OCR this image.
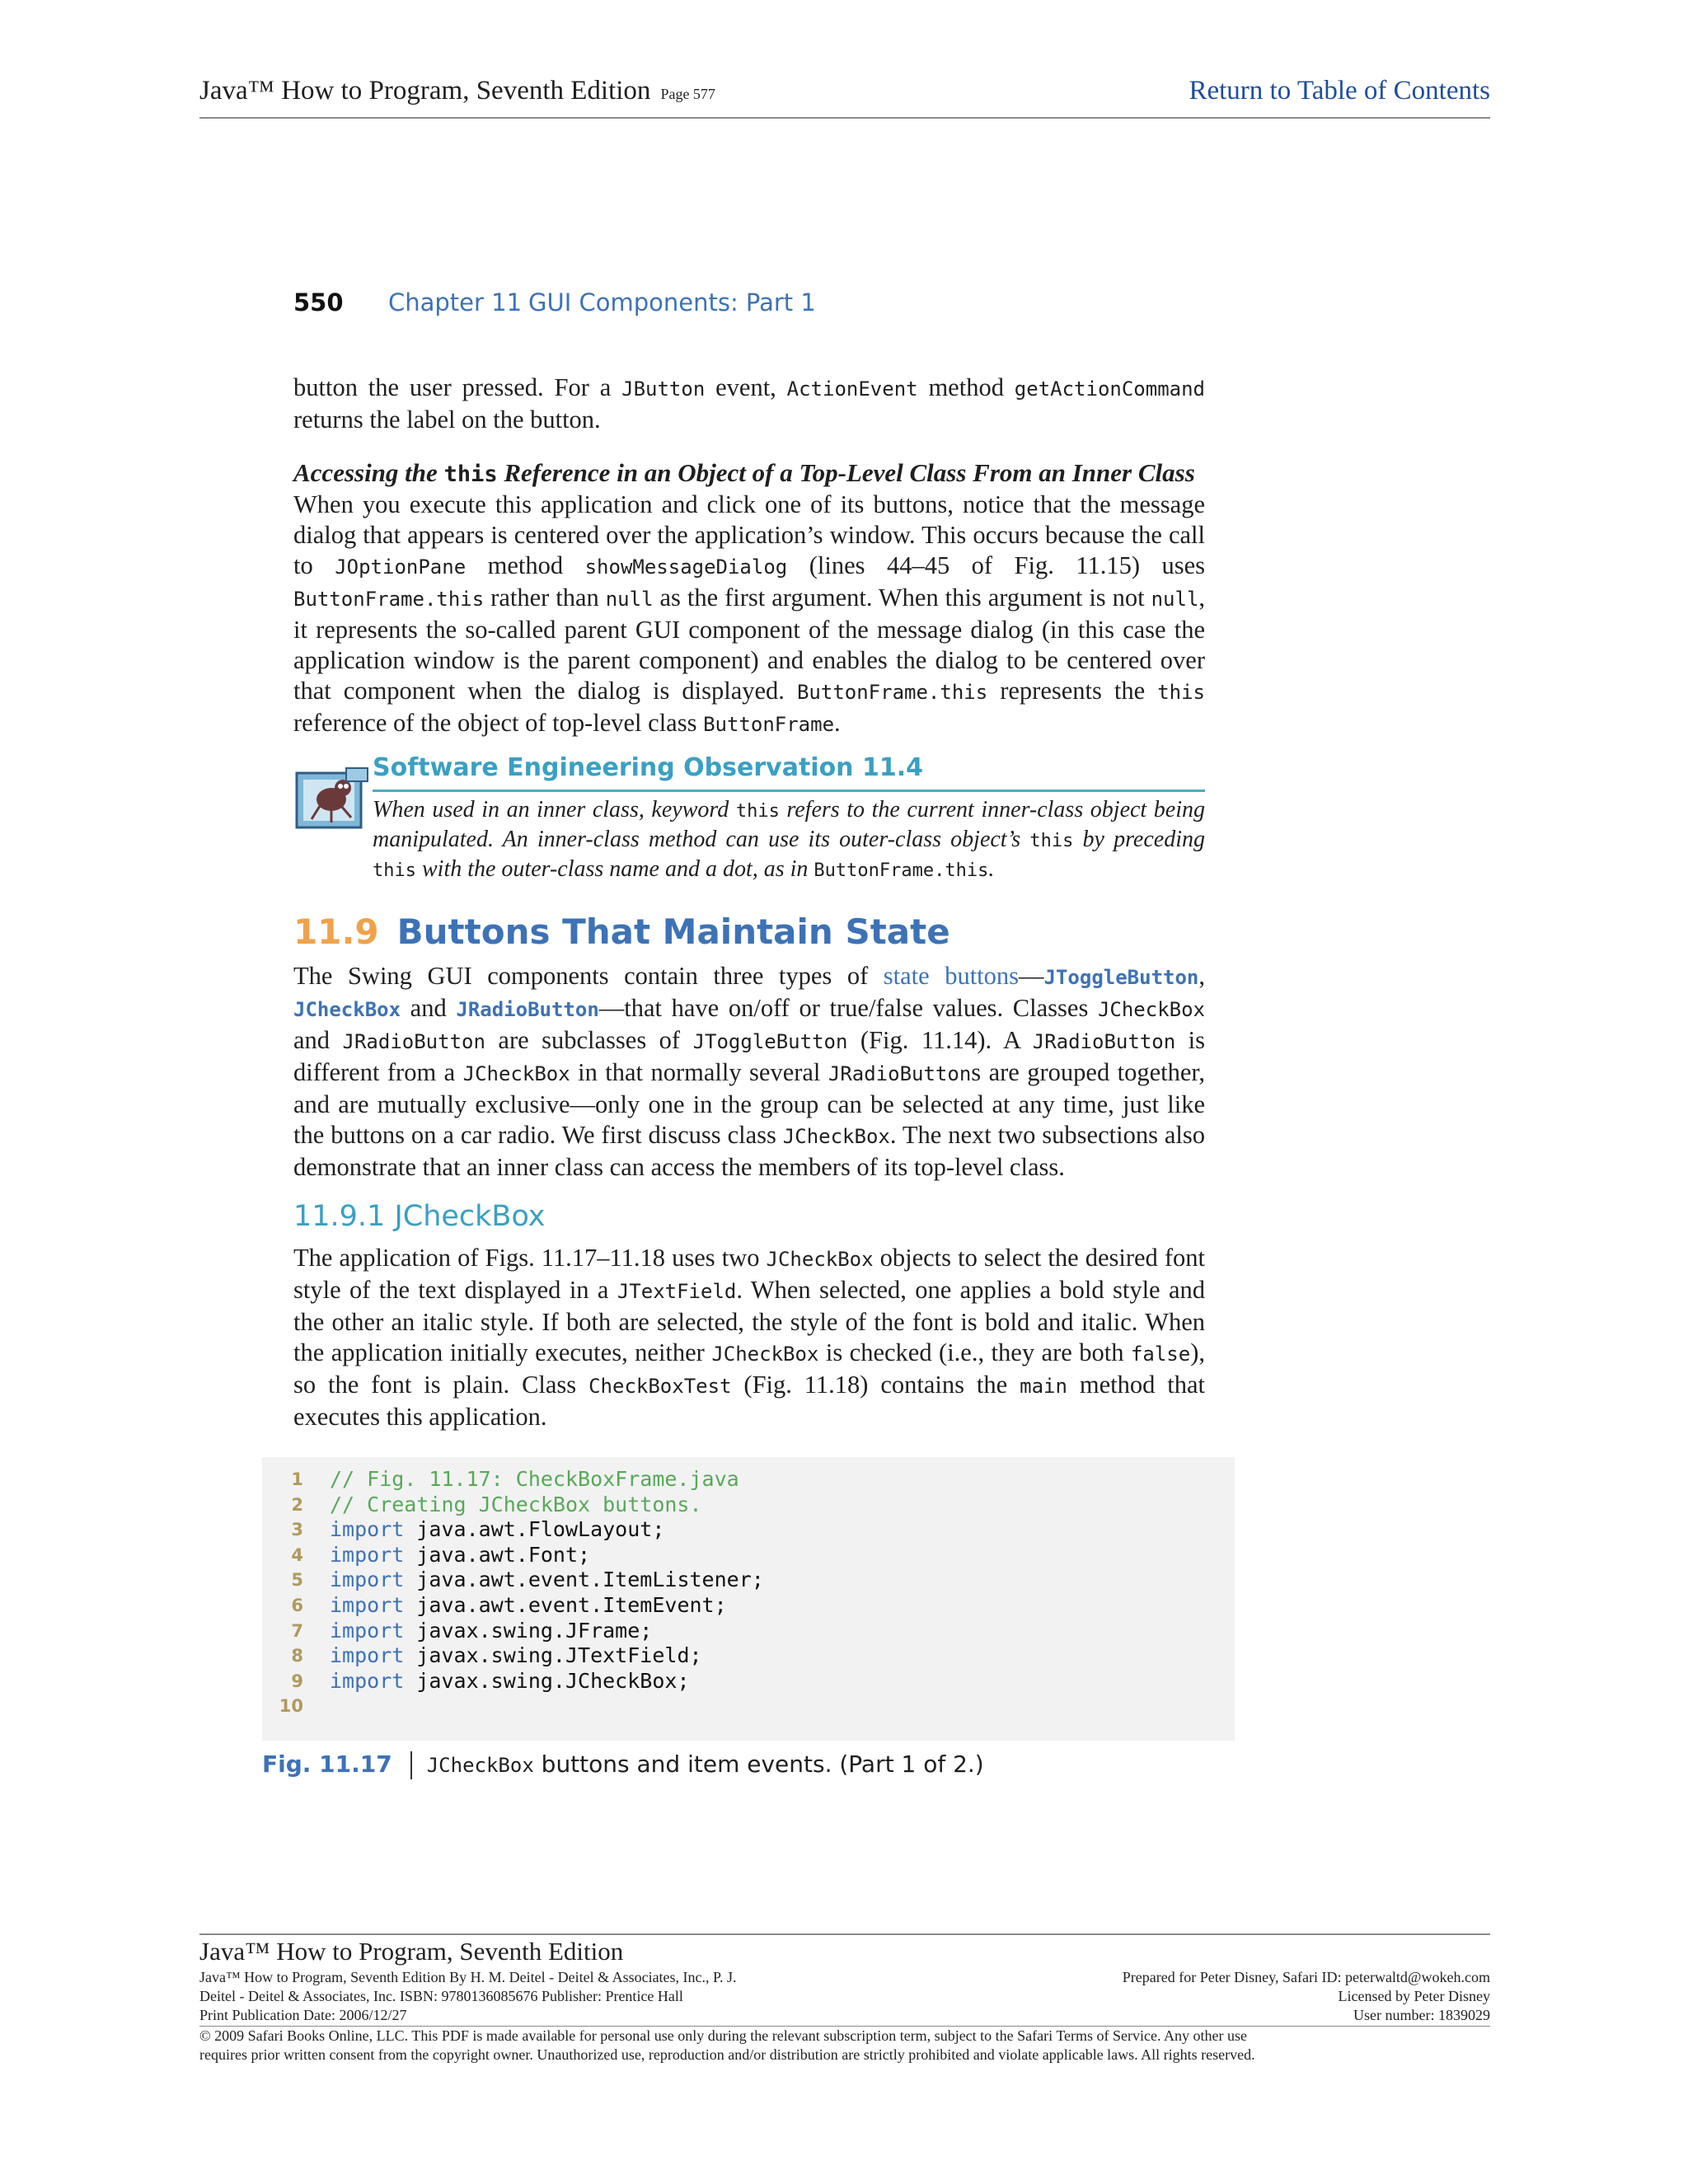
Java™ How to Program, Seventh Edition Page 577	Return to Table of Contents
550 Chapter 11 GUI Components: Part 1
button the user pressed. For a JButton event, ActionEvent method getActionCommand returns the label on the button.
Accessing the this Reference in an Object of a Top-Level Class From an Inner Class
When you execute this application and click one of its buttons, notice that the message dialog that appears is centered over the application’s window. This occurs because the call to JOptionPane method showMessageDialog (lines 44–45 of Fig. 11.15) uses ButtonFrame.this rather than null as the first argument. When this argument is not null, it represents the so-called parent GUI component of the message dialog (in this case the application window is the parent component) and enables the dialog to be centered over that component when the dialog is displayed. ButtonFrame.this represents the this reference of the object of top-level class ButtonFrame.
Software Engineering Observation 11.4
When used in an inner class, keyword this refers to the current inner-class object being manipulated. An inner-class method can use its outer-class object’s this by preceding this with the outer-class name and a dot, as in ButtonFrame.this.
11.9 Buttons That Maintain State
The Swing GUI components contain three types of state buttons—JToggleButton, JCheckBox and JRadioButton—that have on/off or true/false values. Classes JCheckBox and JRadioButton are subclasses of JToggleButton (Fig. 11.14). A JRadioButton is different from a JCheckBox in that normally several JRadioButtons are grouped together, and are mutually exclusive—only one in the group can be selected at any time, just like the buttons on a car radio. We first discuss class JCheckBox. The next two subsections also demonstrate that an inner class can access the members of its top-level class.
11.9.1 JCheckBox
The application of Figs. 11.17–11.18 uses two JCheckBox objects to select the desired font style of the text displayed in a JTextField. When selected, one applies a bold style and the other an italic style. If both are selected, the style of the font is bold and italic. When the application initially executes, neither JCheckBox is checked (i.e., they are both false), so the font is plain. Class CheckBoxTest (Fig. 11.18) contains the main method that executes this application.
1 // Fig. 11.17: CheckBoxFrame.java
2 // Creating JCheckBox buttons.
3 import java.awt.FlowLayout;
4 import java.awt.Font;
5 import java.awt.event.ItemListener;
6 import java.awt.event.ItemEvent;
7 import javax.swing.JFrame;
8 import javax.swing.JTextField;
9 import javax.swing.JCheckBox;
10
Fig. 11.17 JCheckBox buttons and item events. (Part 1 of 2.)
Java™ How to Program, Seventh Edition
Java™ How to Program, Seventh Edition By H. M. Deitel - Deitel & Associates, Inc., P. J.	Prepared for Peter Disney, Safari ID: peterwaltd@wokeh.com
Deitel - Deitel & Associates, Inc. ISBN: 9780136085676 Publisher: Prentice Hall	Licensed by Peter Disney
Print Publication Date: 2006/12/27	User number: 1839029
© 2009 Safari Books Online, LLC. This PDF is made available for personal use only during the relevant subscription term, subject to the Safari Terms of Service. Any other use
requires prior written consent from the copyright owner. Unauthorized use, reproduction and/or distribution are strictly prohibited and violate applicable laws. All rights reserved.
